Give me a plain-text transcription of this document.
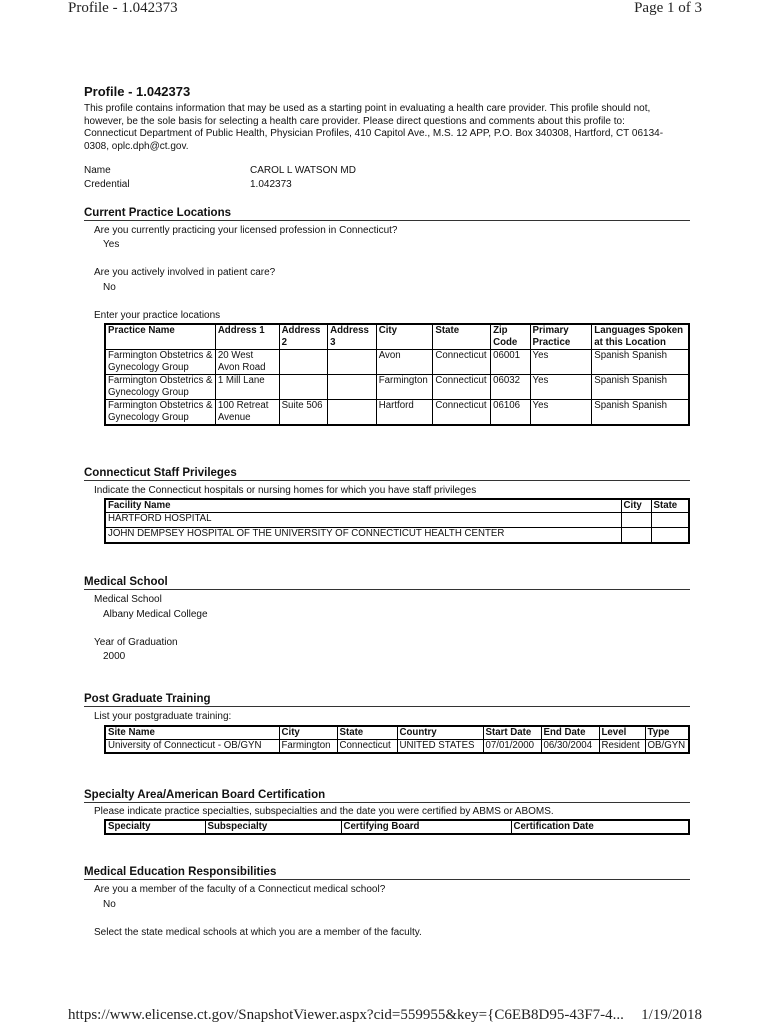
Profile - 1.042373	Page 1 of 3
Profile - 1.042373
This profile contains information that may be used as a starting point in evaluating a health care provider. This profile should not, however, be the sole basis for selecting a health care provider. Please direct questions and comments about this profile to: Connecticut Department of Public Health, Physician Profiles, 410 Capitol Ave., M.S. 12 APP, P.O. Box 340308, Hartford, CT 06134-0308, oplc.dph@ct.gov.
Name	CAROL L WATSON MD
Credential	1.042373
Current Practice Locations
Are you currently practicing your licensed profession in Connecticut?
Yes
Are you actively involved in patient care?
No
Enter your practice locations
Practice Name	Address 1	Address 2	Address 3	City	State	Zip Code	Primary Practice	Languages Spoken at this Location
Farmington Obstetrics & Gynecology Group	20 West Avon Road			Avon	Connecticut	06001	Yes	Spanish Spanish
Farmington Obstetrics & Gynecology Group	1 Mill Lane			Farmington	Connecticut	06032	Yes	Spanish Spanish
Farmington Obstetrics & Gynecology Group	100 Retreat Avenue	Suite 506		Hartford	Connecticut	06106	Yes	Spanish Spanish
Connecticut Staff Privileges
Indicate the Connecticut hospitals or nursing homes for which you have staff privileges
Facility Name	City	State
HARTFORD HOSPITAL		
JOHN DEMPSEY HOSPITAL OF THE UNIVERSITY OF CONNECTICUT HEALTH CENTER		
Medical School
Medical School
Albany Medical College
Year of Graduation
2000
Post Graduate Training
List your postgraduate training:
Site Name	City	State	Country	Start Date	End Date	Level	Type
University of Connecticut - OB/GYN	Farmington	Connecticut	UNITED STATES	07/01/2000	06/30/2004	Resident	OB/GYN
Specialty Area/American Board Certification
Please indicate practice specialties, subspecialties and the date you were certified by ABMS or ABOMS.
Specialty	Subspecialty	Certifying Board	Certification Date
Medical Education Responsibilities
Are you a member of the faculty of a Connecticut medical school?
No
Select the state medical schools at which you are a member of the faculty.
https://www.elicense.ct.gov/SnapshotViewer.aspx?cid=559955&key={C6EB8D95-43F7-4... 1/19/2018
